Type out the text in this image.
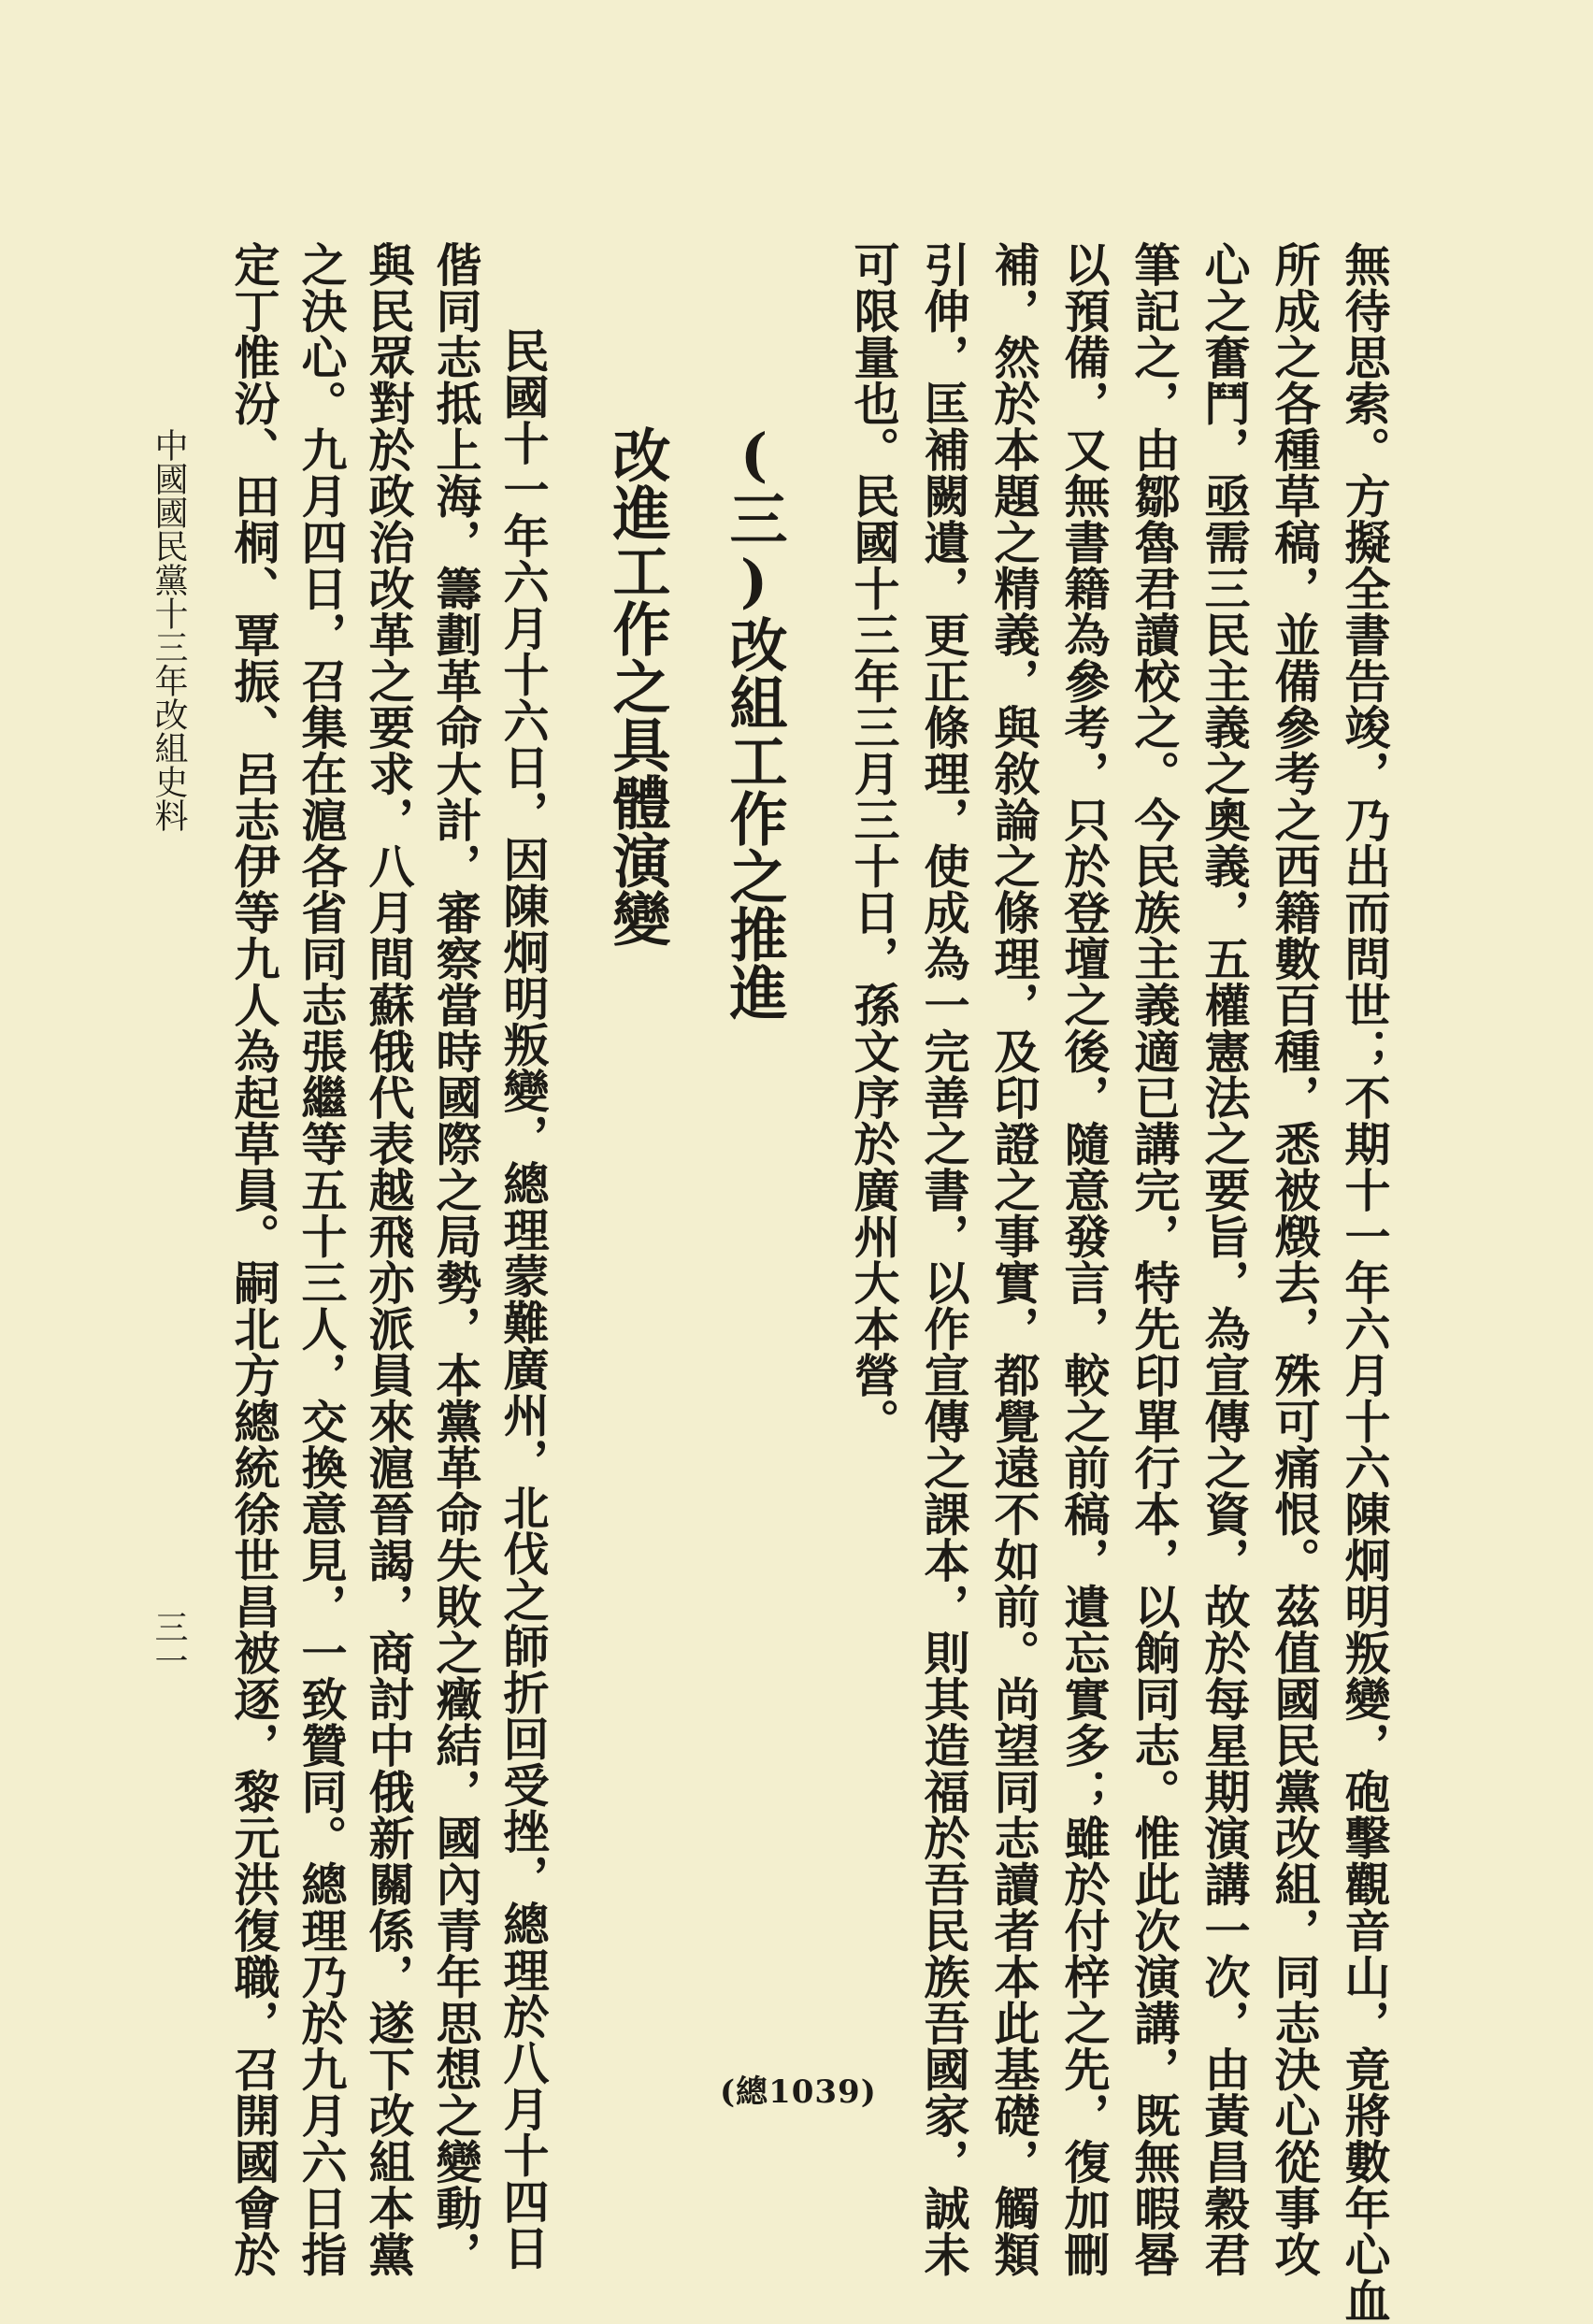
無待思索。方擬全書告竣，乃出而問世；不期十一年六月十六陳炯明叛變，砲擊觀音山，竟將數年心血
所成之各種草稿，並備參考之西籍數百種，悉被燬去，殊可痛恨。茲值國民黨改組，同志決心從事攻
心之奮鬥，亟需三民主義之奧義，五權憲法之要旨，為宣傳之資，故於每星期演講一次，由黃昌穀君
筆記之，由鄒魯君讀校之。今民族主義適已講完，特先印單行本，以餉同志。惟此次演講，既無暇晷
以預備，又無書籍為參考，只於登壇之後，隨意發言，較之前稿，遺忘實多；雖於付梓之先，復加刪
補，然於本題之精義，與敘論之條理，及印證之事實，都覺遠不如前。尚望同志讀者本此基礎，觸類
引伸，匡補闕遺，更正條理，使成為一完善之書，以作宣傳之課本，則其造福於吾民族吾國家，誠未
可限量也。民國十三年三月三十日，孫文序於廣州大本營。
(三)改組工作之推進
改進工作之具體演變
民國十一年六月十六日，因陳炯明叛變，總理蒙難廣州，北伐之師折回受挫，總理於八月十四日
偕同志抵上海，籌劃革命大計，審察當時國際之局勢，本黨革命失敗之癥結，國內青年思想之變動，
與民眾對於政治改革之要求，八月間蘇俄代表越飛亦派員來滬晉謁，商討中俄新關係，遂下改組本黨
之決心。九月四日，召集在滬各省同志張繼等五十三人，交換意見，一致贊同。總理乃於九月六日指
定丁惟汾、田桐、覃振、呂志伊等九人為起草員。嗣北方總統徐世昌被逐，黎元洪復職，召開國會於
中國國民黨十三年改組史料
三一
(總1039)
